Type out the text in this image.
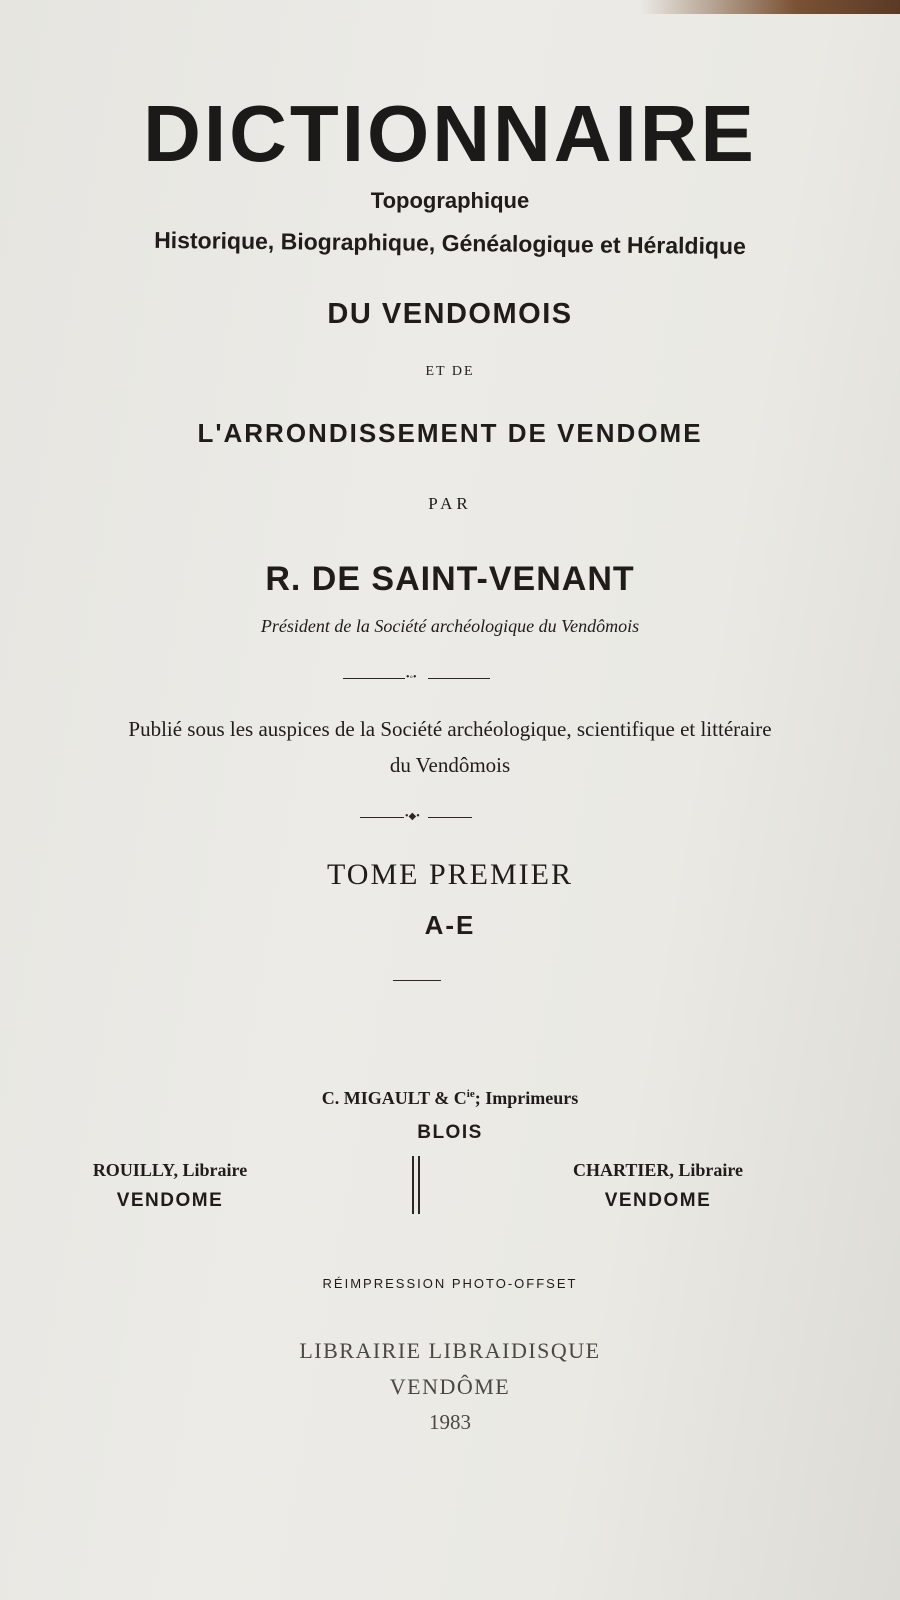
DICTIONNAIRE
Topographique
Historique, Biographique, Généalogique et Héraldique
DU VENDOMOIS
ET DE
L'ARRONDISSEMENT DE VENDOME
PAR
R. DE SAINT-VENANT
Président de la Société archéologique du Vendômois
•◦•
Publié sous les auspices de la Société archéologique, scientifique et littéraire
du Vendômois
•◆•
TOME PREMIER
A-E
C. MIGAULT & $C^{ie}$; Imprimeurs
BLOIS
ROUILLY, Libraire
VENDOME
CHARTIER, Libraire
VENDOME
RÉIMPRESSION PHOTO-OFFSET
LIBRAIRIE LIBRAIDISQUE
VENDÔME
1983
